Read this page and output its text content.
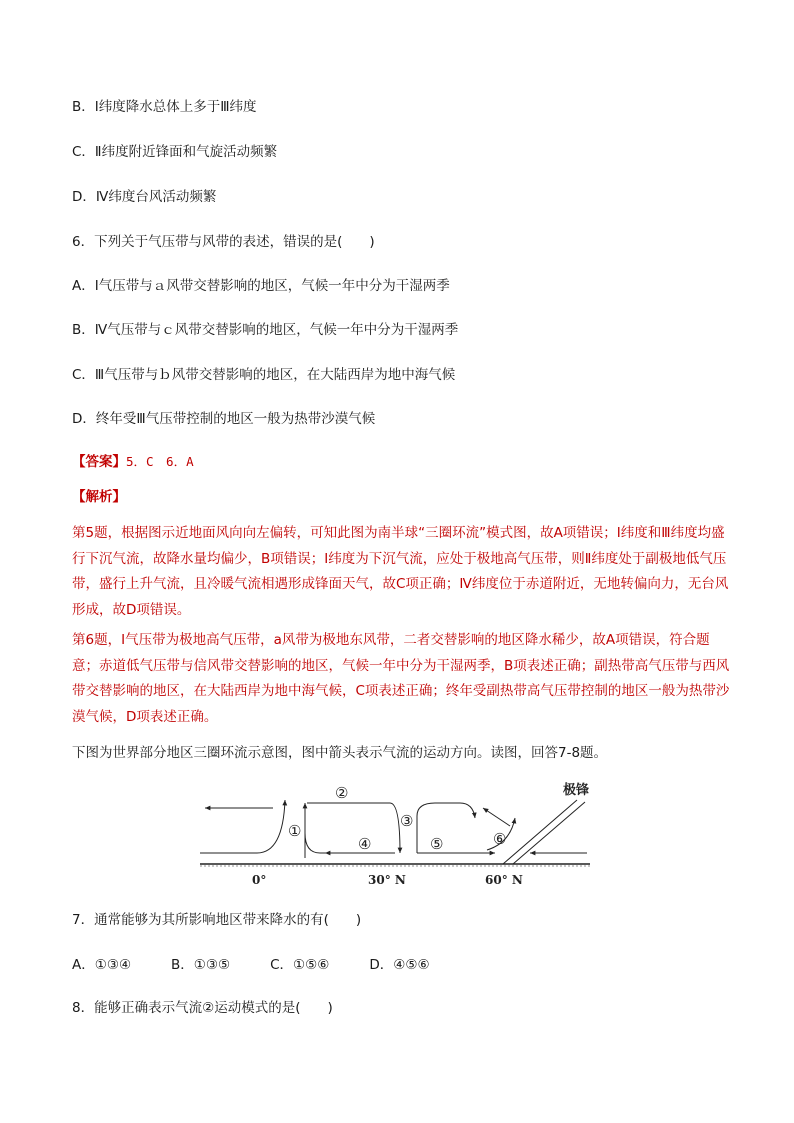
B．Ⅰ纬度降水总体上多于Ⅲ纬度
C．Ⅱ纬度附近锋面和气旋活动频繁
D．Ⅳ纬度台风活动频繁
6．下列关于气压带与风带的表述，错误的是(　　)
A．Ⅰ气压带与ａ风带交替影响的地区，气候一年中分为干湿两季
B．Ⅳ气压带与ｃ风带交替影响的地区，气候一年中分为干湿两季
C．Ⅲ气压带与ｂ风带交替影响的地区，在大陆西岸为地中海气候
D．终年受Ⅲ气压带控制的地区一般为热带沙漠气候
【答案】5．C　6．A
【解析】

第5题，根据图示近地面风向向左偏转，可知此图为南半球“三圈环流”模式图，故A项错误；Ⅰ纬度和Ⅲ纬度均盛行下沉气流，故降水量均偏少，B项错误；Ⅰ纬度为下沉气流，应处于极地高气压带，则Ⅱ纬度处于副极地低气压带，盛行上升气流，且冷暖气流相遇形成锋面天气，故C项正确；Ⅳ纬度位于赤道附近，无地转偏向力，无台风形成，故D项错误。

第6题，Ⅰ气压带为极地高气压带，a风带为极地东风带，二者交替影响的地区降水稀少，故A项错误，符合题意；赤道低气压带与信风带交替影响的地区，气候一年中分为干湿两季，B项表述正确；副热带高气压带与西风带交替影响的地区，在大陆西岸为地中海气候，C项表述正确；终年受副热带高气压带控制的地区一般为热带沙漠气候，D项表述正确。

下图为世界部分地区三圈环流示意图，图中箭头表示气流的运动方向。读图，回答7-8题。
①
②
③
④	⑤	⑥
极锋
0°	30° N	60° N
7．通常能够为其所影响地区带来降水的有(　　)
A．①③④	B．①③⑤	C．①⑤⑥	D．④⑤⑥
8．能够正确表示气流②运动模式的是(　　)
